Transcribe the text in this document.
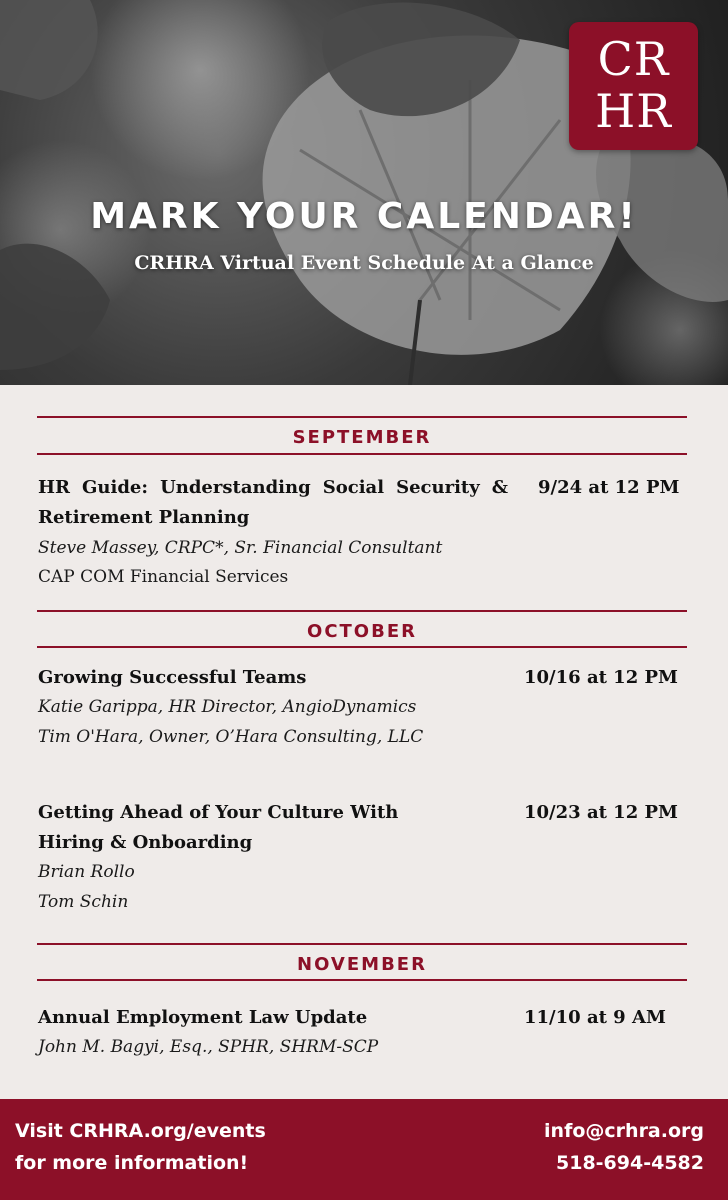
CR
HR
MARK YOUR CALENDAR!
CRHRA Virtual Event Schedule At a Glance
SEPTEMBER
HR Guide: Understanding Social Security &
Retirement Planning
9/24 at 12 PM
Steve Massey, CRPC*, Sr. Financial Consultant
CAP COM Financial Services
OCTOBER
Growing Successful Teams	10/16 at 12 PM
Katie Garippa, HR Director, AngioDynamics
Tim O'Hara, Owner, O’Hara Consulting, LLC
Getting Ahead of Your Culture With
Hiring & Onboarding
10/23 at 12 PM
Brian Rollo
Tom Schin
NOVEMBER
Annual Employment Law Update	11/10 at 9 AM
John M. Bagyi, Esq., SPHR, SHRM-SCP
Visit CRHRA.org/events
for more information!
info@crhra.org
518-694-4582
